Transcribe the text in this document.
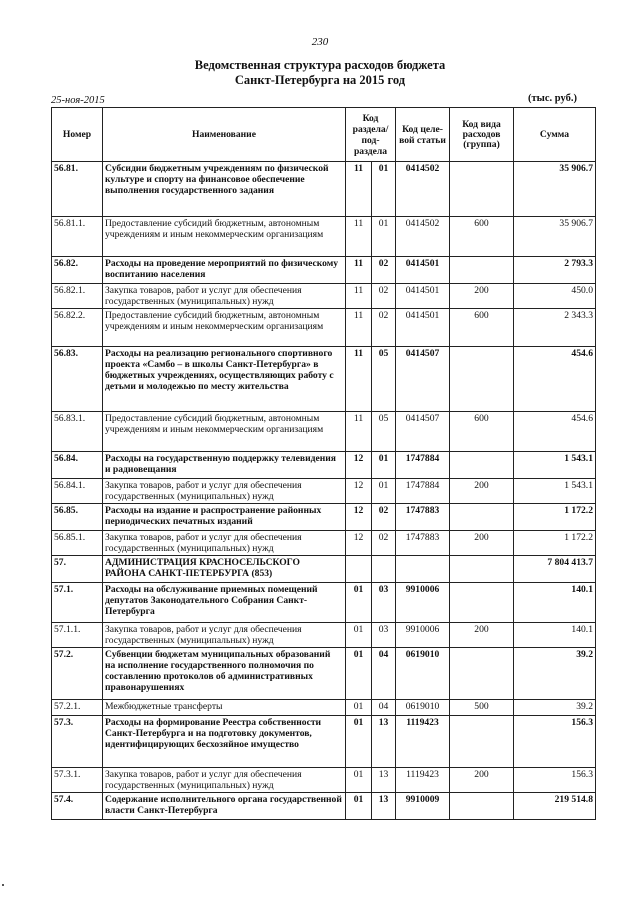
230
Ведомственная структура расходов бюджета
Санкт-Петербурга на 2015 год
25-ноя-2015	(тыс. руб.)
Номер	Наименование	Код раздела/ под-раздела		Код целе-вой статьи	Код вида расходов (группа)	Сумма
56.81.	Субсидии бюджетным учреждениям по физической культуре и спорту на финансовое обеспечение выполнения государственного задания	11	01	0414502		35 906.7
56.81.1.	Предоставление субсидий бюджетным, автономным учреждениям и иным некоммерческим организациям	11	01	0414502	600	35 906.7
56.82.	Расходы на проведение мероприятий по физическому воспитанию населения	11	02	0414501		2 793.3
56.82.1.	Закупка товаров, работ и услуг для обеспечения государственных (муниципальных) нужд	11	02	0414501	200	450.0
56.82.2.	Предоставление субсидий бюджетным, автономным учреждениям и иным некоммерческим организациям	11	02	0414501	600	2 343.3
56.83.	Расходы на реализацию регионального спортивного проекта «Самбо – в школы Санкт-Петербурга» в бюджетных учреждениях, осуществляющих работу с детьми и молодежью по месту жительства	11	05	0414507		454.6
56.83.1.	Предоставление субсидий бюджетным, автономным учреждениям и иным некоммерческим организациям	11	05	0414507	600	454.6
56.84.	Расходы на государственную поддержку телевидения и радиовещания	12	01	1747884		1 543.1
56.84.1.	Закупка товаров, работ и услуг для обеспечения государственных (муниципальных) нужд	12	01	1747884	200	1 543.1
56.85.	Расходы на издание и распространение районных периодических печатных изданий	12	02	1747883		1 172.2
56.85.1.	Закупка товаров, работ и услуг для обеспечения государственных (муниципальных) нужд	12	02	1747883	200	1 172.2
57.	АДМИНИСТРАЦИЯ КРАСНОСЕЛЬСКОГО РАЙОНА САНКТ-ПЕТЕРБУРГА (853)					7 804 413.7
57.1.	Расходы на обслуживание приемных помещений депутатов Законодательного Собрания Санкт-Петербурга	01	03	9910006		140.1
57.1.1.	Закупка товаров, работ и услуг для обеспечения государственных (муниципальных) нужд	01	03	9910006	200	140.1
57.2.	Субвенции бюджетам муниципальных образований на исполнение государственного полномочия по составлению протоколов об административных правонарушениях	01	04	0619010		39.2
57.2.1.	Межбюджетные трансферты	01	04	0619010	500	39.2
57.3.	Расходы на формирование Реестра собственности Санкт-Петербурга и на подготовку документов, идентифицирующих бесхозяйное имущество	01	13	1119423		156.3
57.3.1.	Закупка товаров, работ и услуг для обеспечения государственных (муниципальных) нужд	01	13	1119423	200	156.3
57.4.	Содержание исполнительного органа государственной власти Санкт-Петербурга	01	13	9910009		219 514.8
